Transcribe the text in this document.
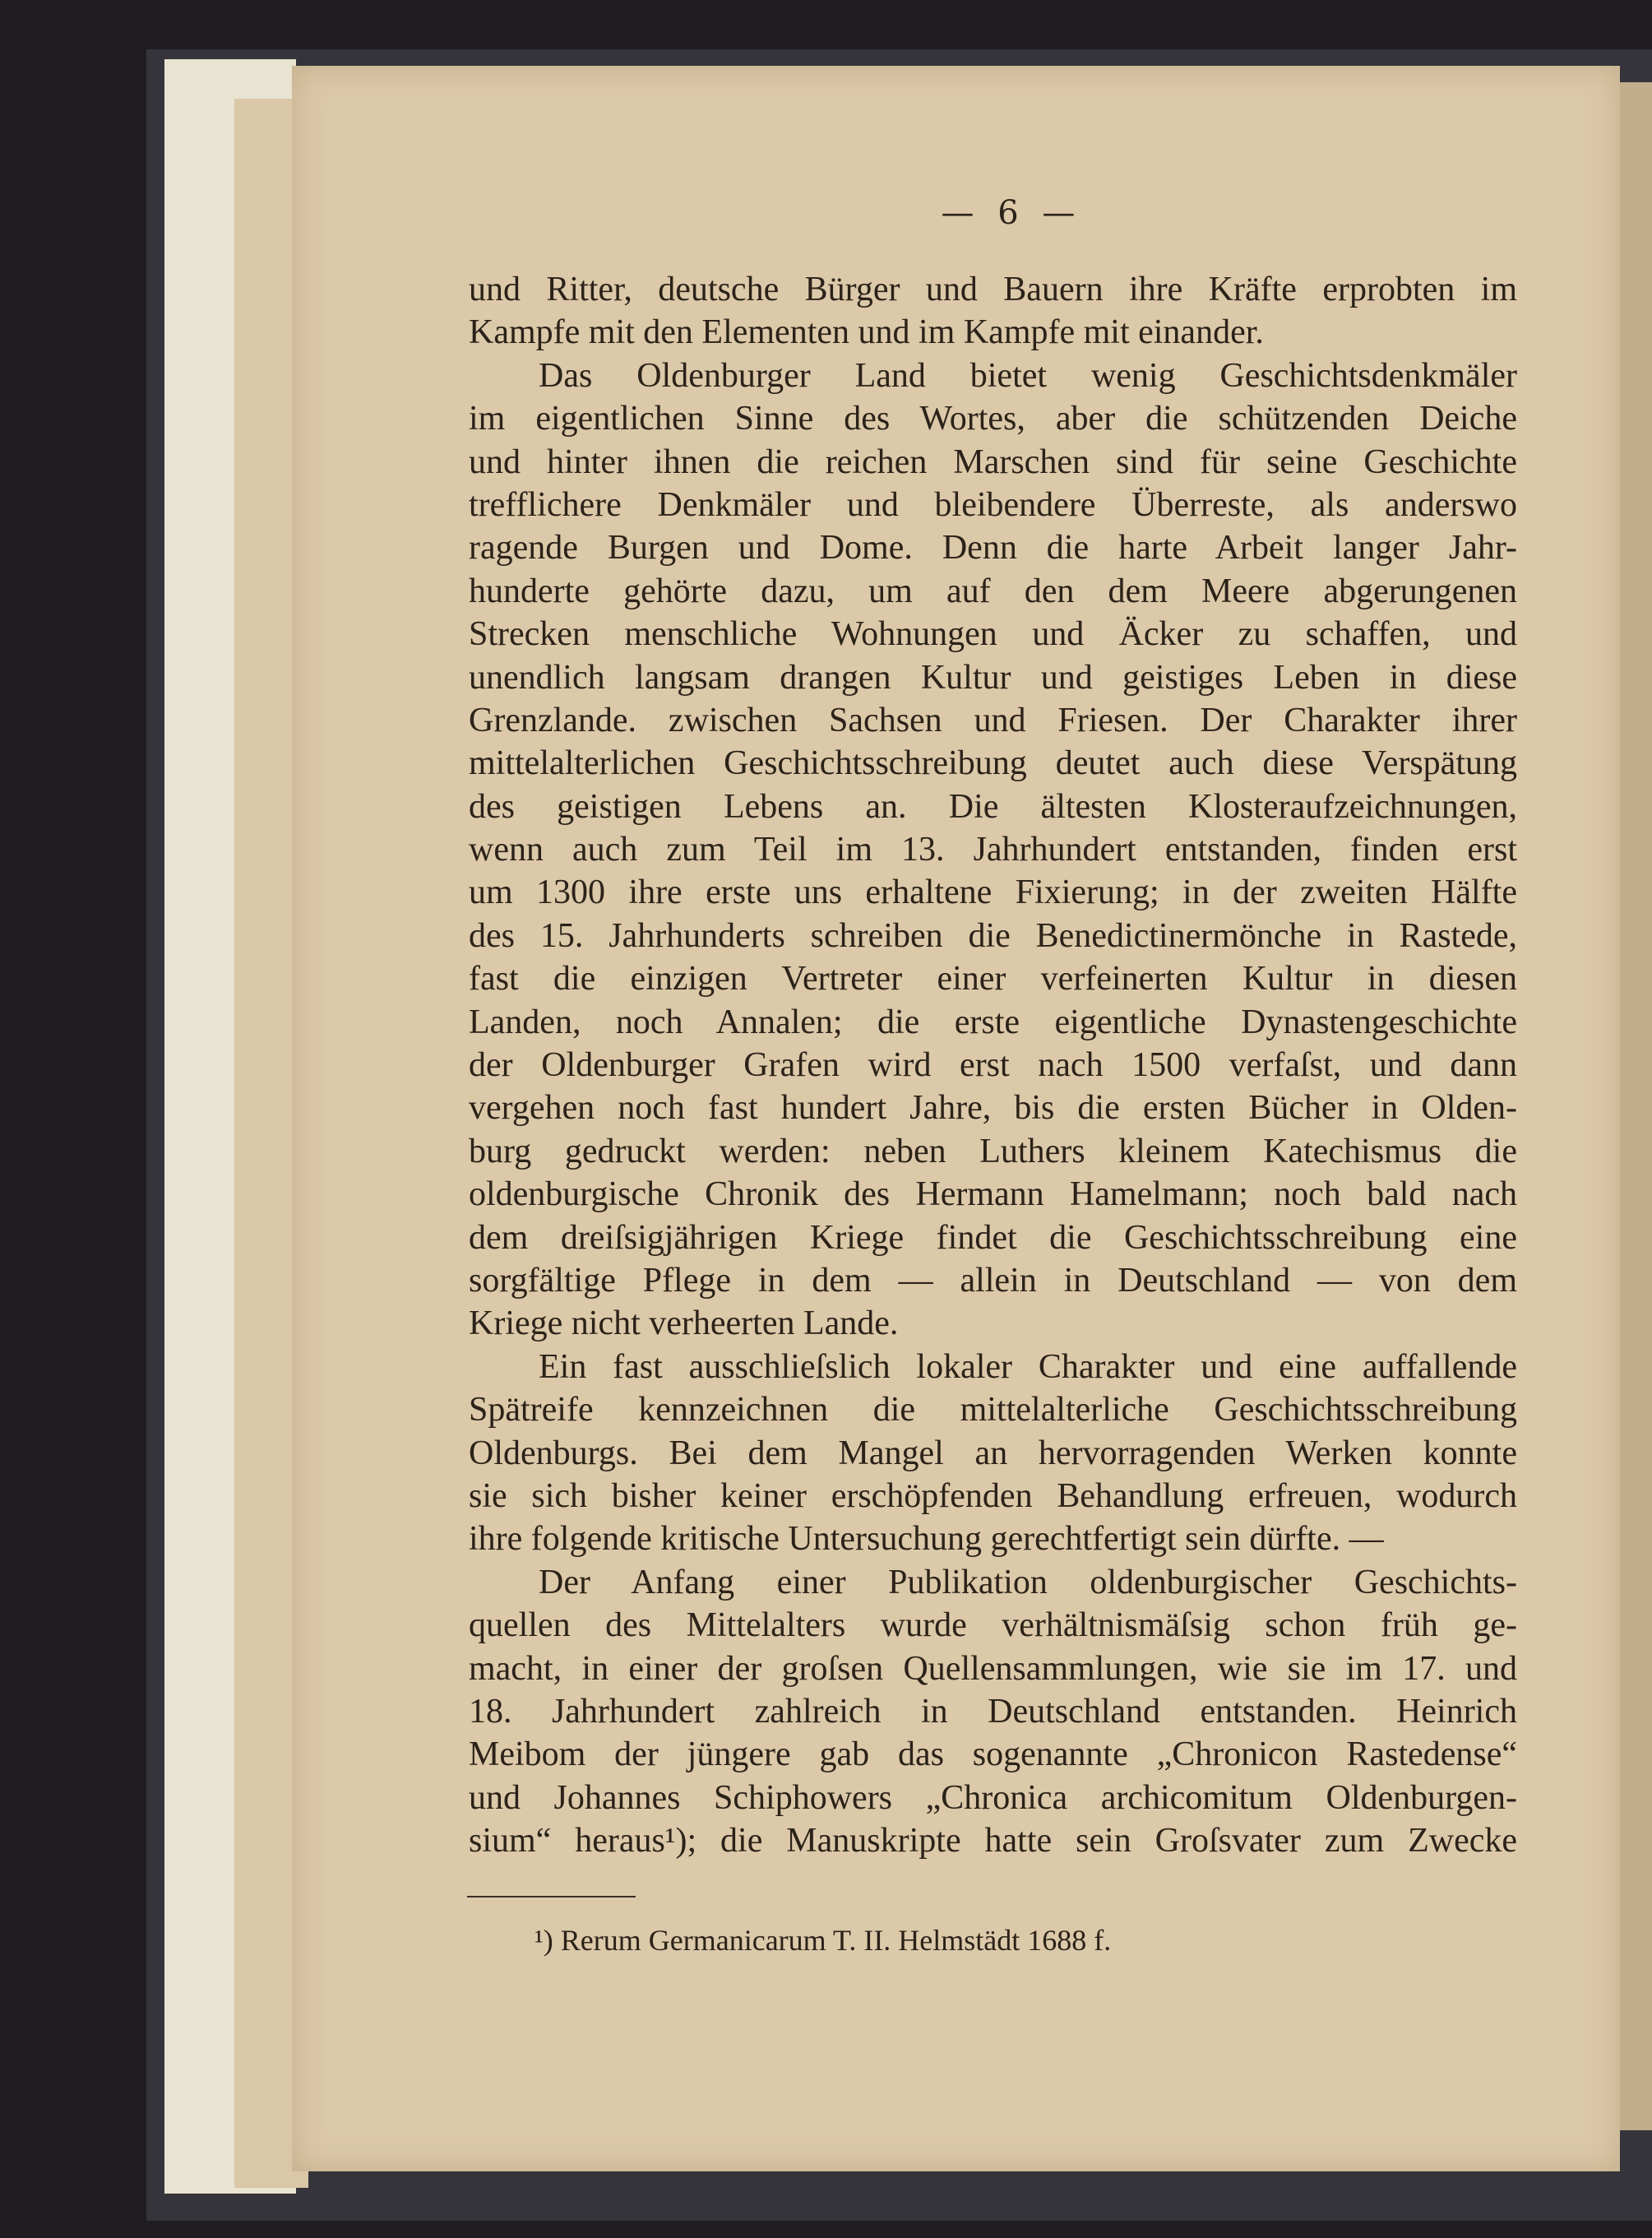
— 6 —
und Ritter, deutsche Bürger und Bauern ihre Kräfte erprobten im
Kampfe mit den Elementen und im Kampfe mit einander.
Das Oldenburger Land bietet wenig Geschichtsdenkmäler
im eigentlichen Sinne des Wortes, aber die schützenden Deiche
und hinter ihnen die reichen Marschen sind für seine Geschichte
trefflichere Denkmäler und bleibendere Überreste, als anderswo
ragende Burgen und Dome. Denn die harte Arbeit langer Jahr-
hunderte gehörte dazu, um auf den dem Meere abgerungenen
Strecken menschliche Wohnungen und Äcker zu schaffen, und
unendlich langsam drangen Kultur und geistiges Leben in diese
Grenzlande. zwischen Sachsen und Friesen. Der Charakter ihrer
mittelalterlichen Geschichtsschreibung deutet auch diese Verspätung
des geistigen Lebens an. Die ältesten Klosteraufzeichnungen,
wenn auch zum Teil im 13. Jahrhundert entstanden, finden erst
um 1300 ihre erste uns erhaltene Fixierung; in der zweiten Hälfte
des 15. Jahrhunderts schreiben die Benedictinermönche in Rastede,
fast die einzigen Vertreter einer verfeinerten Kultur in diesen
Landen, noch Annalen; die erste eigentliche Dynastengeschichte
der Oldenburger Grafen wird erst nach 1500 verfaſst, und dann
vergehen noch fast hundert Jahre, bis die ersten Bücher in Olden-
burg gedruckt werden: neben Luthers kleinem Katechismus die
oldenburgische Chronik des Hermann Hamelmann; noch bald nach
dem dreiſsigjährigen Kriege findet die Geschichtsschreibung eine
sorgfältige Pflege in dem — allein in Deutschland — von dem
Kriege nicht verheerten Lande.
Ein fast ausschlieſslich lokaler Charakter und eine auffallende
Spätreife kennzeichnen die mittelalterliche Geschichtsschreibung
Oldenburgs. Bei dem Mangel an hervorragenden Werken konnte
sie sich bisher keiner erschöpfenden Behandlung erfreuen, wodurch
ihre folgende kritische Untersuchung gerechtfertigt sein dürfte. —
Der Anfang einer Publikation oldenburgischer Geschichts-
quellen des Mittelalters wurde verhältnismäſsig schon früh ge-
macht, in einer der groſsen Quellensammlungen, wie sie im 17. und
18. Jahrhundert zahlreich in Deutschland entstanden. Heinrich
Meibom der jüngere gab das sogenannte „Chronicon Rastedense“
und Johannes Schiphowers „Chronica archicomitum Oldenburgen-
sium“ heraus¹); die Manuskripte hatte sein Groſsvater zum Zwecke
¹) Rerum Germanicarum T. II. Helmstädt 1688 f.
